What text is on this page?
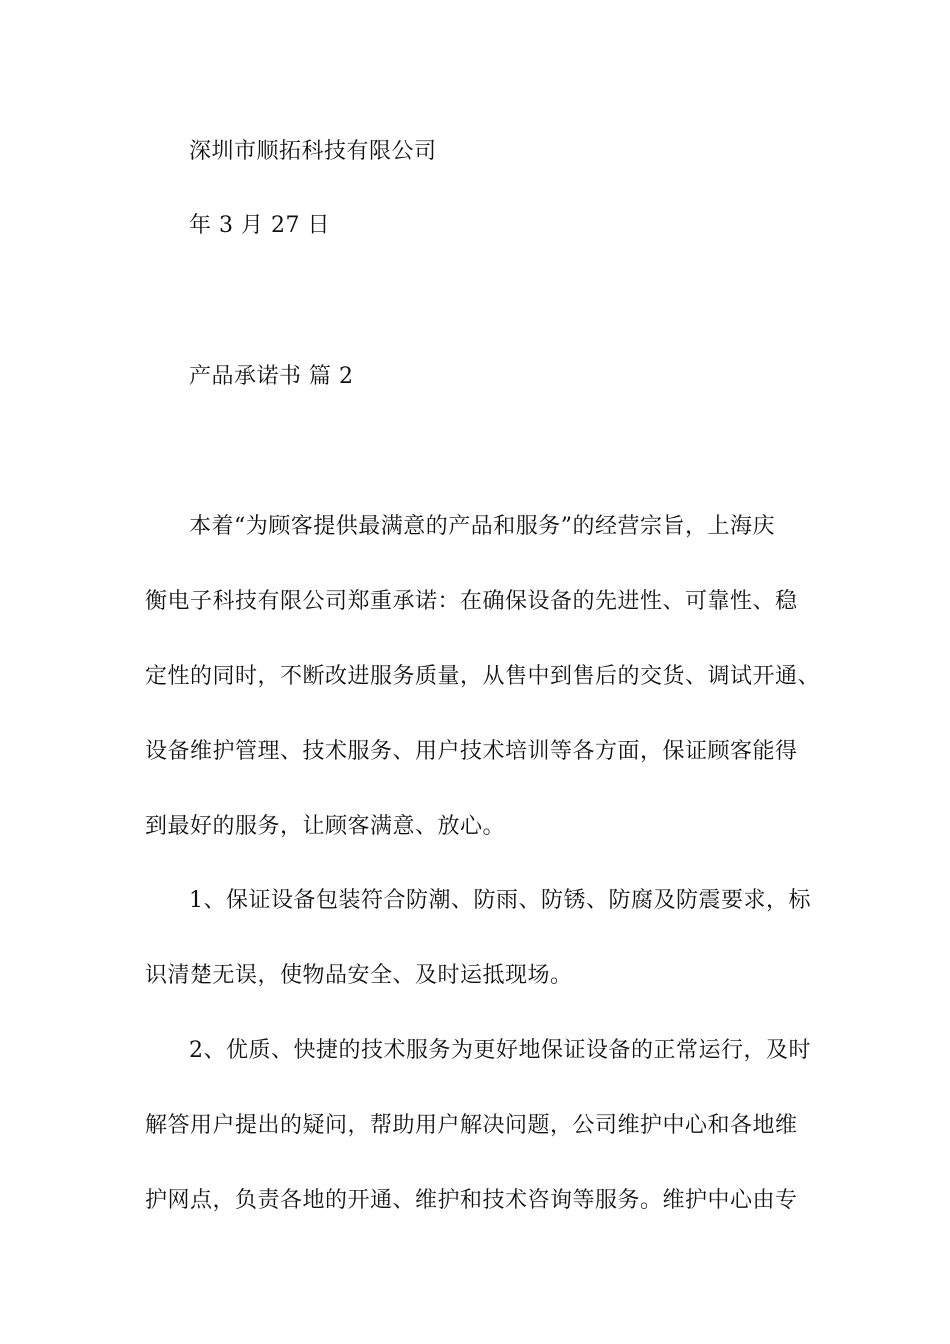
深圳市顺拓科技有限公司
年 3 月 27 日
产品承诺书 篇 2
本着“为顾客提供最满意的产品和服务”的经营宗旨，上海庆
衡电子科技有限公司郑重承诺：在确保设备的先进性、可靠性、稳
定性的同时，不断改进服务质量，从售中到售后的交货、调试开通、
设备维护管理、技术服务、用户技术培训等各方面，保证顾客能得
到最好的服务，让顾客满意、放心。
1、保证设备包装符合防潮、防雨、防锈、防腐及防震要求，标
识清楚无误，使物品安全、及时运抵现场。
2、优质、快捷的技术服务为更好地保证设备的正常运行，及时
解答用户提出的疑问，帮助用户解决问题，公司维护中心和各地维
护网点，负责各地的开通、维护和技术咨询等服务。维护中心由专
